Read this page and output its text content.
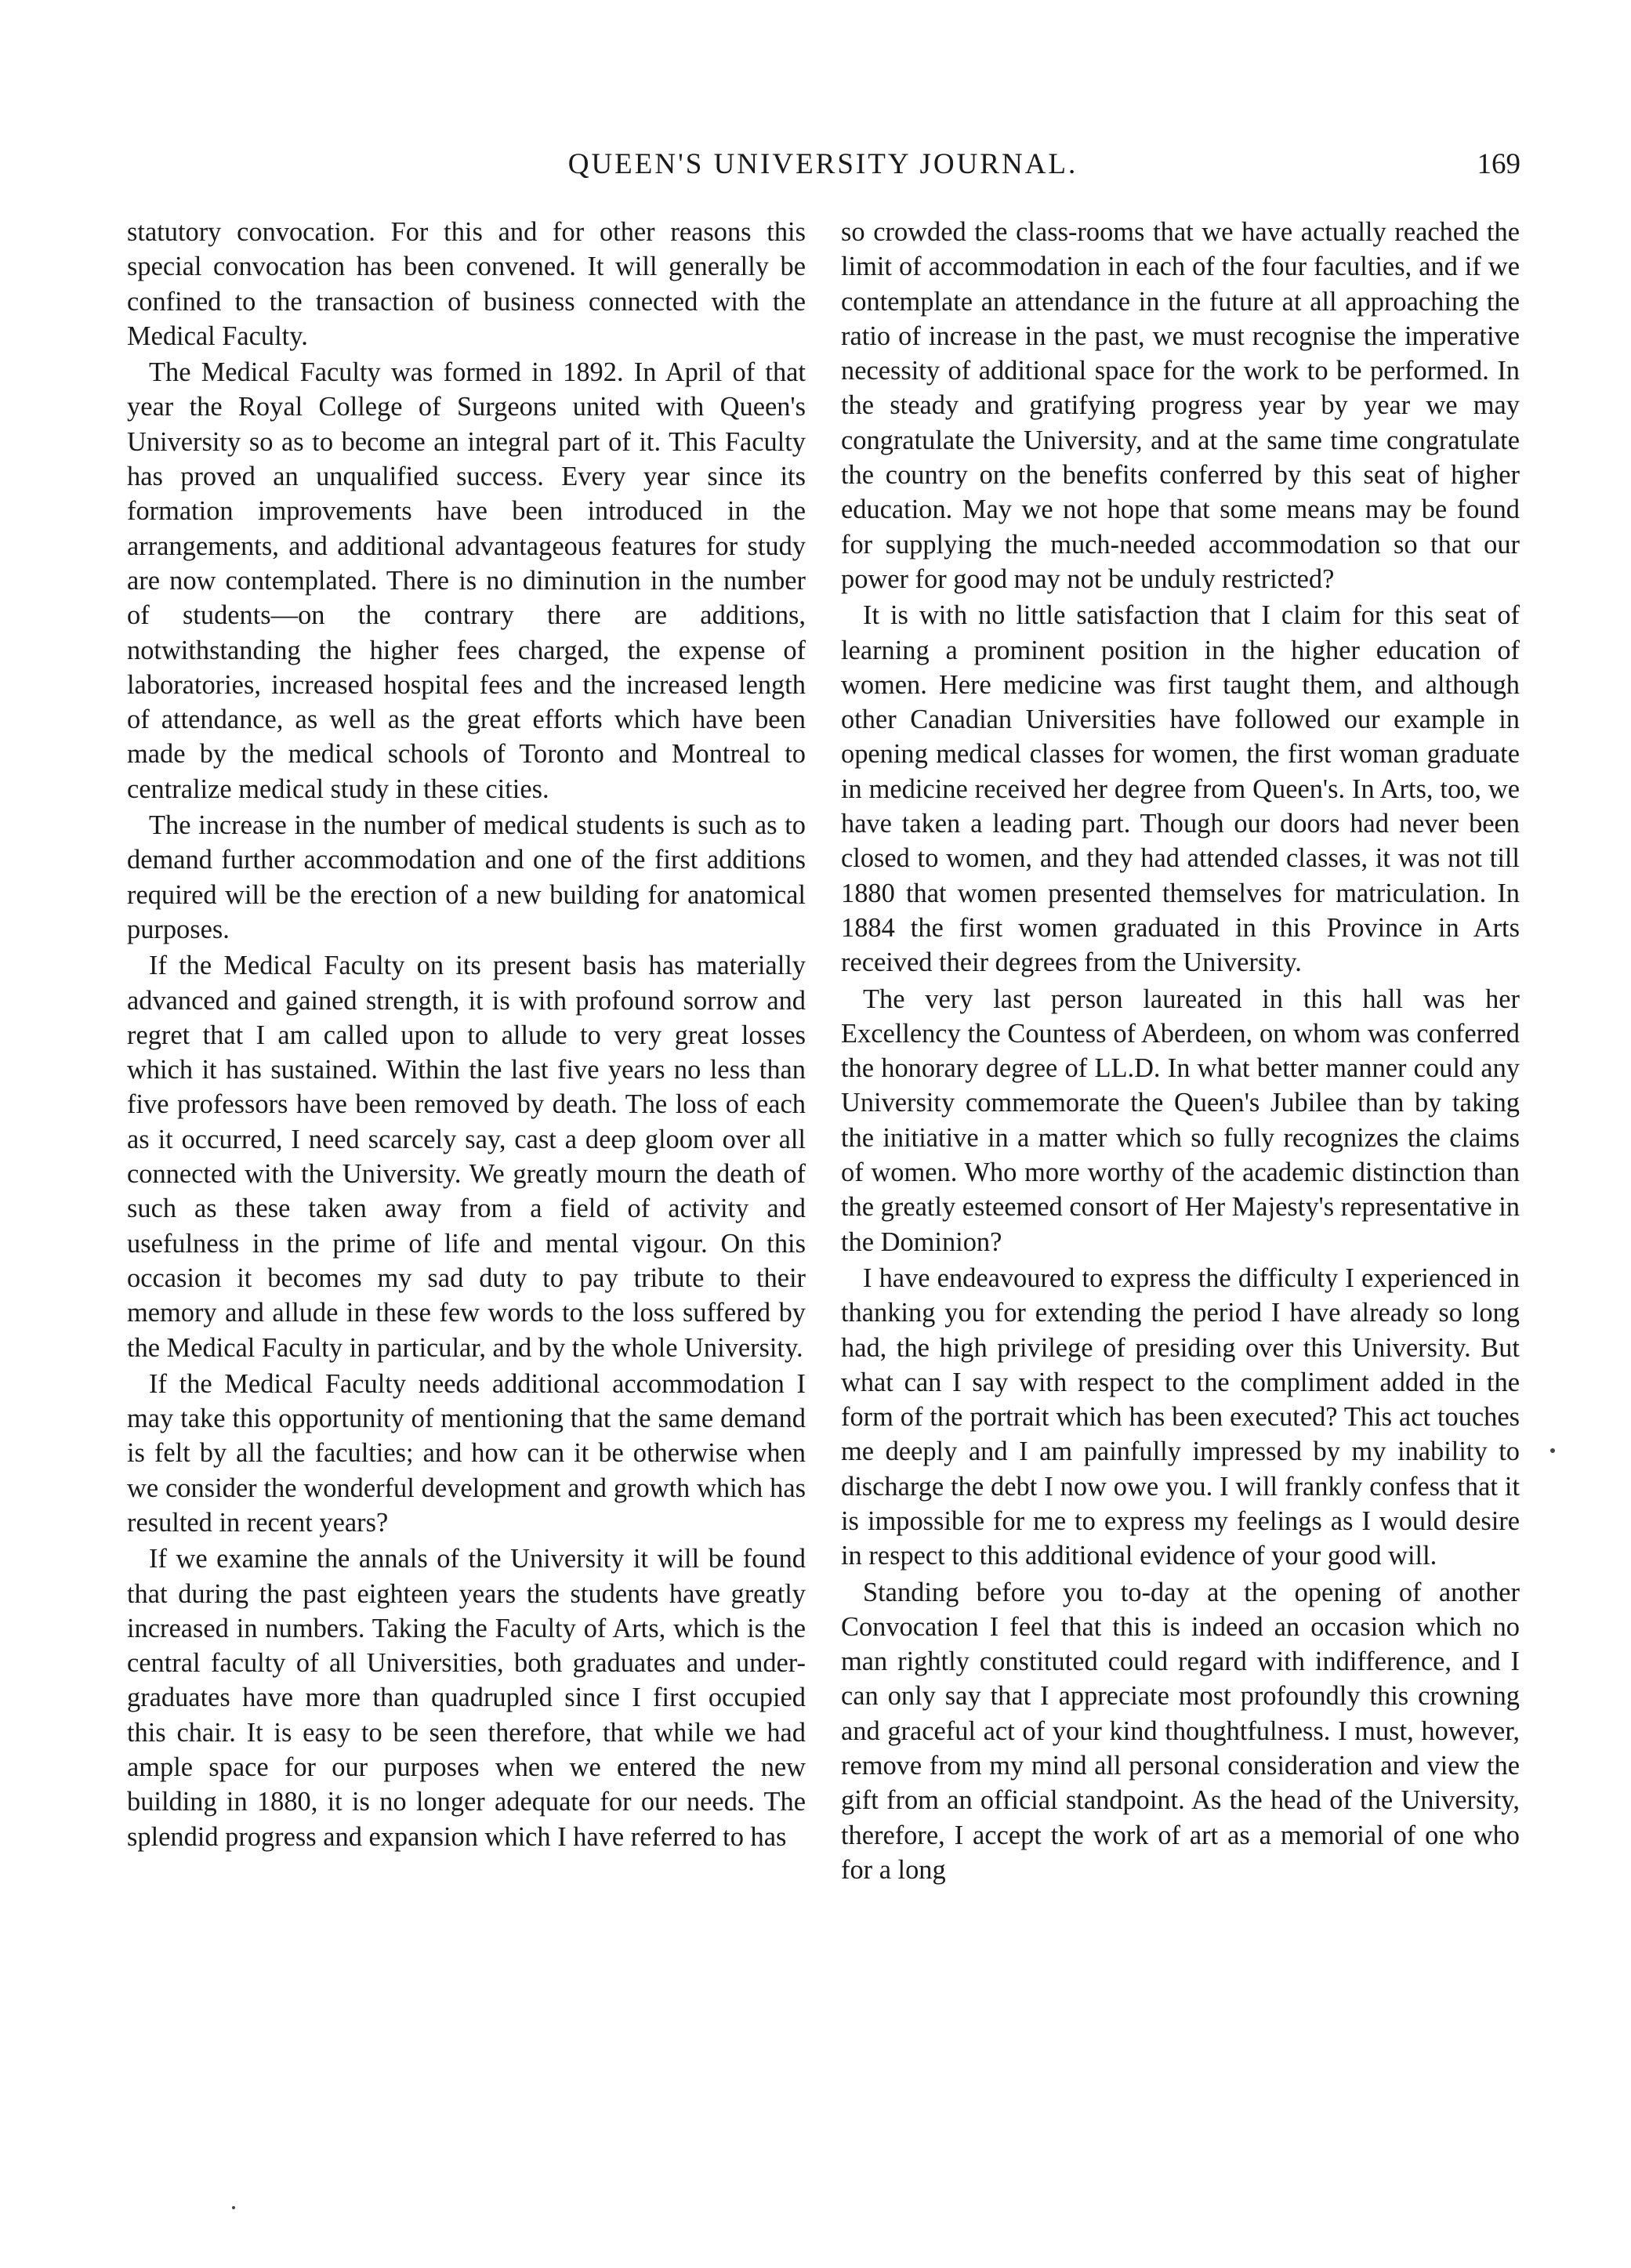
QUEEN'S UNIVERSITY JOURNAL.	169

statutory convocation. For this and for other reasons this special convocation has been convened. It will generally be confined to the transaction of business connected with the Medical Faculty.

The Medical Faculty was formed in 1892. In April of that year the Royal College of Surgeons united with Queen's University so as to become an integral part of it. This Faculty has proved an unqualified success. Every year since its formation improvements have been introduced in the arrangements, and additional advantageous features for study are now contemplated. There is no diminution in the number of students—on the contrary there are additions, notwithstanding the higher fees charged, the expense of laboratories, increased hospital fees and the increased length of attendance, as well as the great efforts which have been made by the medical schools of Toronto and Montreal to centralize medical study in these cities.

The increase in the number of medical students is such as to demand further accommodation and one of the first additions required will be the erection of a new building for anatomical purposes.

If the Medical Faculty on its present basis has materially advanced and gained strength, it is with profound sorrow and regret that I am called upon to allude to very great losses which it has sustained. Within the last five years no less than five professors have been removed by death. The loss of each as it occurred, I need scarcely say, cast a deep gloom over all connected with the University. We greatly mourn the death of such as these taken away from a field of activity and usefulness in the prime of life and mental vigour. On this occasion it becomes my sad duty to pay tribute to their memory and allude in these few words to the loss suffered by the Medical Faculty in particular, and by the whole University.

If the Medical Faculty needs additional accommodation I may take this opportunity of mentioning that the same demand is felt by all the faculties; and how can it be otherwise when we consider the wonderful development and growth which has resulted in recent years?

If we examine the annals of the University it will be found that during the past eighteen years the students have greatly increased in numbers. Taking the Faculty of Arts, which is the central faculty of all Universities, both graduates and under-graduates have more than quadrupled since I first occupied this chair. It is easy to be seen therefore, that while we had ample space for our purposes when we entered the new building in 1880, it is no longer adequate for our needs. The splendid progress and expansion which I have referred to has

so crowded the class-rooms that we have actually reached the limit of accommodation in each of the four faculties, and if we contemplate an attendance in the future at all approaching the ratio of increase in the past, we must recognise the imperative necessity of additional space for the work to be performed. In the steady and gratifying progress year by year we may congratulate the University, and at the same time congratulate the country on the benefits conferred by this seat of higher education. May we not hope that some means may be found for supplying the much-needed accommodation so that our power for good may not be unduly restricted?

It is with no little satisfaction that I claim for this seat of learning a prominent position in the higher education of women. Here medicine was first taught them, and although other Canadian Universities have followed our example in opening medical classes for women, the first woman graduate in medicine received her degree from Queen's. In Arts, too, we have taken a leading part. Though our doors had never been closed to women, and they had attended classes, it was not till 1880 that women presented themselves for matriculation. In 1884 the first women graduated in this Province in Arts received their degrees from the University.

The very last person laureated in this hall was her Excellency the Countess of Aberdeen, on whom was conferred the honorary degree of LL.D. In what better manner could any University commemorate the Queen's Jubilee than by taking the initiative in a matter which so fully recognizes the claims of women. Who more worthy of the academic distinction than the greatly esteemed consort of Her Majesty's representative in the Dominion?

I have endeavoured to express the difficulty I experienced in thanking you for extending the period I have already so long had, the high privilege of presiding over this University. But what can I say with respect to the compliment added in the form of the portrait which has been executed? This act touches me deeply and I am painfully impressed by my inability to discharge the debt I now owe you. I will frankly confess that it is impossible for me to express my feelings as I would desire in respect to this additional evidence of your good will.

Standing before you to-day at the opening of another Convocation I feel that this is indeed an occasion which no man rightly constituted could regard with indifference, and I can only say that I appreciate most profoundly this crowning and graceful act of your kind thoughtfulness. I must, however, remove from my mind all personal consideration and view the gift from an official standpoint. As the head of the University, therefore, I accept the work of art as a memorial of one who for a long
